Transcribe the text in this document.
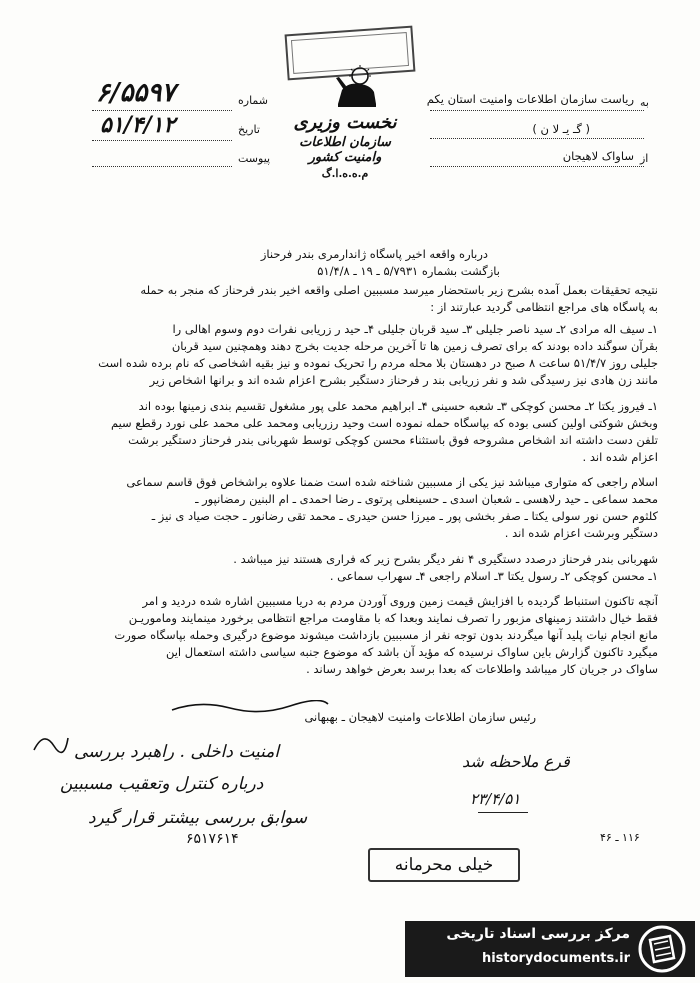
نخست وزیری
سازمان اطلاعات وامنیت کشور
م.ه.ه.ا.گ
شماره
۶/۵۵۹۷
تاریخ
۵۱/۴/۱۲
پیوست
به
ریاست سازمان اطلاعات وامنیت استان یکم
( گـ یـ لا ن )
از
ساواک لاهیجان
درباره واقعه اخیر پاسگاه ژاندارمری بندر فرحناز
بازگشت بشماره ۵/۷۹۳۱ ـ ۱۹ ـ ۵۱/۴/۸
نتیجه تحقیقات بعمل آمده بشرح زیر باستحضار میرسد مسببین اصلی واقعه اخیر بندر فرحناز که منجر به حمله
به پاسگاه های مراجع انتظامی گردید عبارتند از :
۱ـ سیف اله مرادی ۲ـ سید ناصر جلیلی ۳ـ سید قربان جلیلی ۴ـ حید ر زریابی نفرات دوم وسوم اهالی را
بقرآن سوگند داده بودند که برای تصرف زمین ها تا آخرین مرحله جدیت بخرج دهند وهمچنین سید قربان
جلیلی روز ۵۱/۴/۷ ساعت ۸ صبح در دهستان بلا محله مردم را تحریک نموده و نیز بقیه اشخاصی که نام برده شده است
مانند زن هادی نیز رسیدگی شد و نفر زریابی بند ر فرحناز دستگیر بشرح اعزام شده اند و برانها اشخاص زیر
۱ـ فیروز یکتا ۲ـ محسن کوچکی ۳ـ شعبه حسینی ۴ـ ابراهیم محمد علی پور مشغول تقسیم بندی زمینها بوده اند
وبخش شوکتی اولین کسی بوده که بپاسگاه حمله نموده است وحید رزریابی ومحمد علی محمد علی نورد رقطع سیم
تلفن دست داشته اند اشخاص مشروحه فوق باستثناء محسن کوچکی توسط شهربانی بندر فرحناز دستگیر برشت
اعزام شده اند .
اسلام راجعی که متواری میباشد نیز یکی از مسببین شناخته شده است ضمنا علاوه براشخاص فوق قاسم سماعی
محمد سماعی ـ حید رلاهسی ـ شعبان اسدی ـ حسینعلی پرتوی ـ رضا احمدی ـ ام البنین رمضانپور ـ
کلثوم حسن نور سولی یکتا ـ صفر بخشی پور ـ میرزا حسن حیدری ـ محمد تقی رضانور ـ حجت صیاد ی نیز ـ
دستگیر وبرشت اعزام شده اند .
شهربانی بندر فرحناز درصدد دستگیری ۴ نفر دیگر بشرح زیر که فراری هستند نیز میباشد .
۱ـ محسن کوچکی ۲ـ رسول یکتا ۳ـ اسلام راجعی ۴ـ سهراب سماعی .
آنچه تاکنون استنباط گردیده با افزایش قیمت زمین وروی آوردن مردم به دریا مسببین اشاره شده دردید و امر
فقط خیال داشتند زمینهای مزبور را تصرف نمایند وبعدا که با مقاومت مراجع انتظامی برخورد مینمایند وماموریـن
مانع انجام نیات پلید آنها میگردند بدون توجه نفر از مسببین بازداشت میشوند موضوع درگیری وحمله بپاسگاه صورت
میگیرد تاکنون گزارش باین ساواک نرسیده که مؤید آن باشد که موضوع جنبه سیاسی داشته استعمال این
ساواک در جریان کار میباشد واطلاعات که بعدا برسد بعرض خواهد رساند .
رئیس سازمان اطلاعات وامنیت لاهیجان ـ بهبهانی
قرع ملاحظه شد
۲۳/۴/۵۱
امنیت داخلی . راهبرد بررسی
درباره کنترل وتعقیب مسببین
سوابق بررسی بیشتر قرار گیرد
۶۵۱۷۶۱۴	۱۱۶ ـ ۴۶
خیلی محرمانه
مرکز بررسی اسناد تاریخی
historydocuments.ir
